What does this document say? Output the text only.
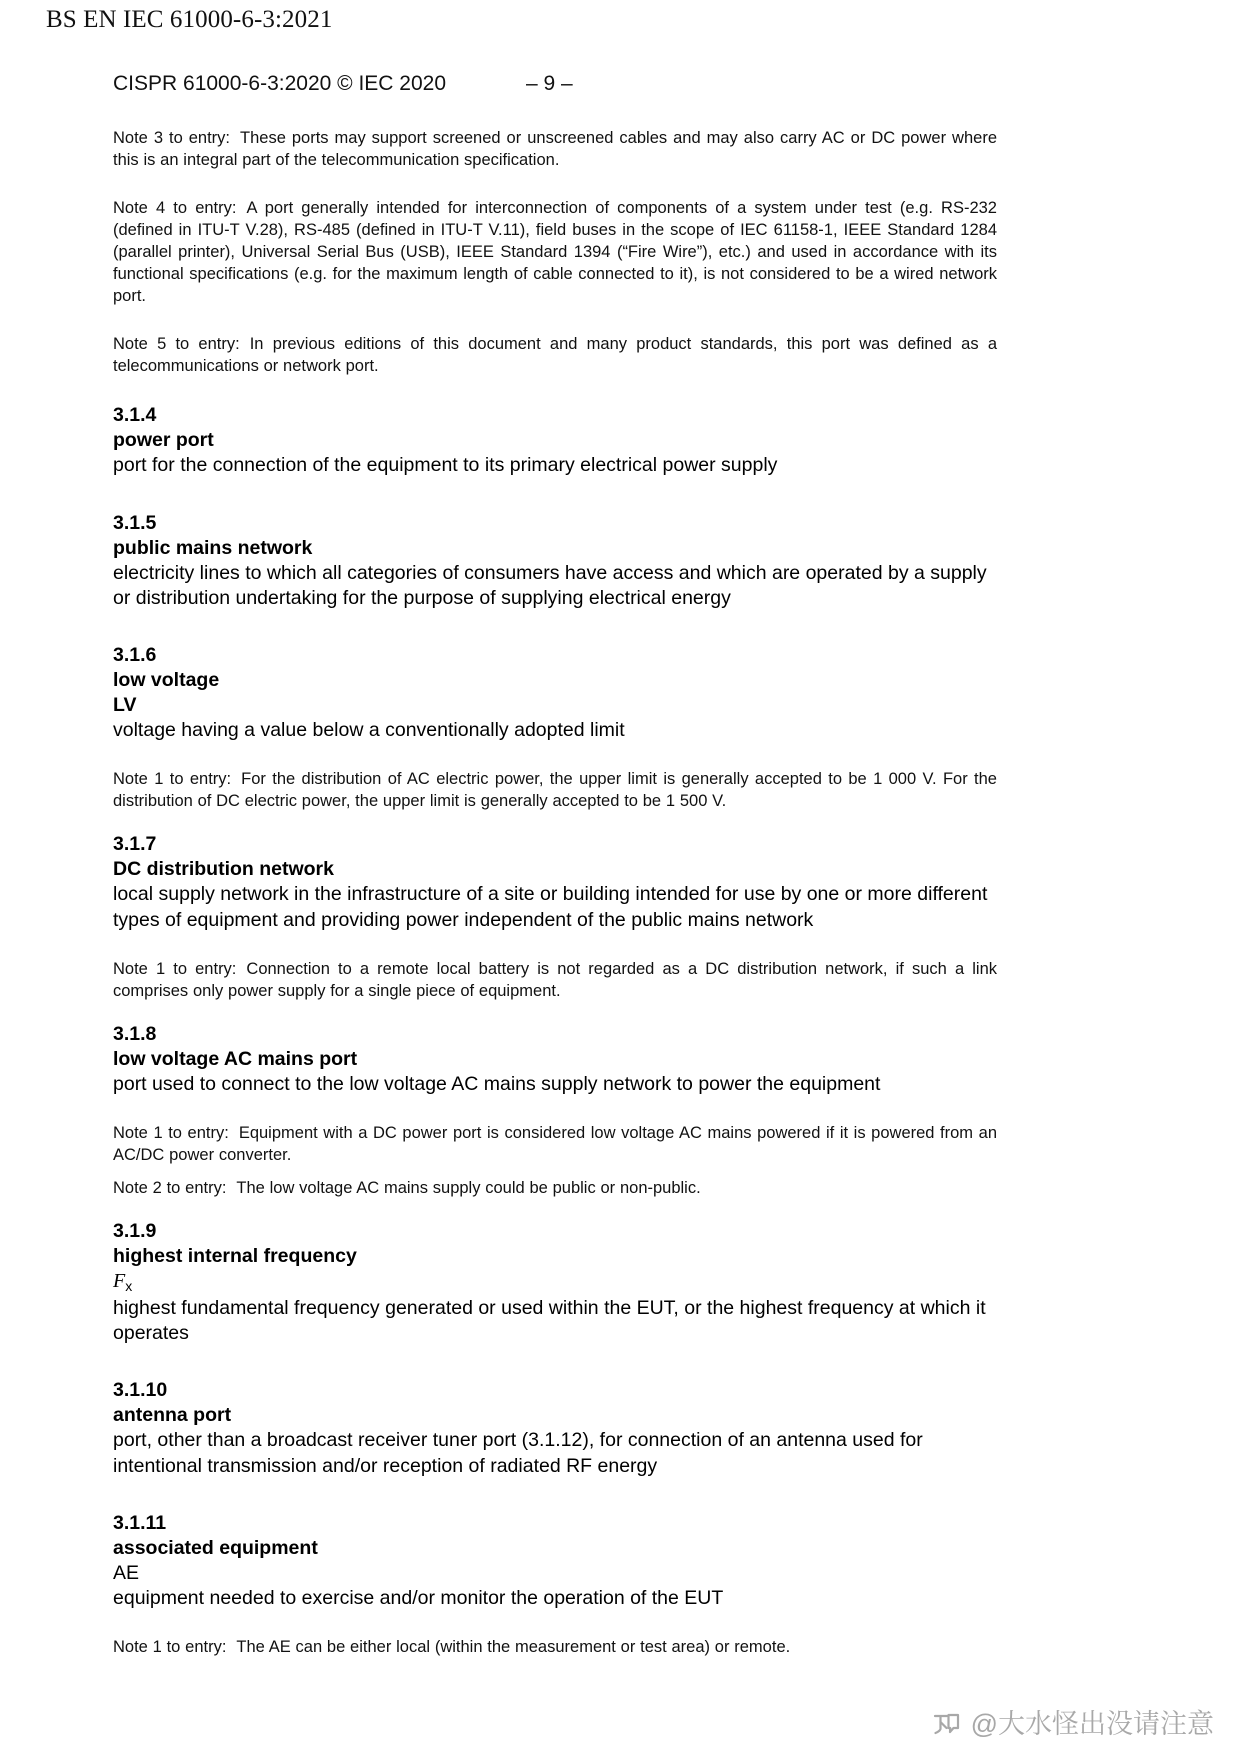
BS EN IEC 61000-6-3:2021
CISPR 61000-6-3:2020 © IEC 2020	– 9 –
Note 3 to entry: These ports may support screened or unscreened cables and may also carry AC or DC power where this is an integral part of the telecommunication specification.
Note 4 to entry: A port generally intended for interconnection of components of a system under test (e.g. RS-232 (defined in ITU-T V.28), RS-485 (defined in ITU-T V.11), field buses in the scope of IEC 61158-1, IEEE Standard 1284 (parallel printer), Universal Serial Bus (USB), IEEE Standard 1394 (“Fire Wire”), etc.) and used in accordance with its functional specifications (e.g. for the maximum length of cable connected to it), is not considered to be a wired network port.
Note 5 to entry: In previous editions of this document and many product standards, this port was defined as a telecommunications or network port.
3.1.4
power port
port for the connection of the equipment to its primary electrical power supply
3.1.5
public mains network
electricity lines to which all categories of consumers have access and which are operated by a supply or distribution undertaking for the purpose of supplying electrical energy
3.1.6
low voltage
LV
voltage having a value below a conventionally adopted limit
Note 1 to entry: For the distribution of AC electric power, the upper limit is generally accepted to be 1 000 V. For the distribution of DC electric power, the upper limit is generally accepted to be 1 500 V.
3.1.7
DC distribution network
local supply network in the infrastructure of a site or building intended for use by one or more different types of equipment and providing power independent of the public mains network
Note 1 to entry: Connection to a remote local battery is not regarded as a DC distribution network, if such a link comprises only power supply for a single piece of equipment.
3.1.8
low voltage AC mains port
port used to connect to the low voltage AC mains supply network to power the equipment
Note 1 to entry: Equipment with a DC power port is considered low voltage AC mains powered if it is powered from an AC/DC power converter.
Note 2 to entry: The low voltage AC mains supply could be public or non-public.
3.1.9
highest internal frequency
$F_x$
highest fundamental frequency generated or used within the EUT, or the highest frequency at which it operates
3.1.10
antenna port
port, other than a broadcast receiver tuner port (3.1.12), for connection of an antenna used for intentional transmission and/or reception of radiated RF energy
3.1.11
associated equipment
AE
equipment needed to exercise and/or monitor the operation of the EUT
Note 1 to entry: The AE can be either local (within the measurement or test area) or remote.
@大水怪出没请注意
